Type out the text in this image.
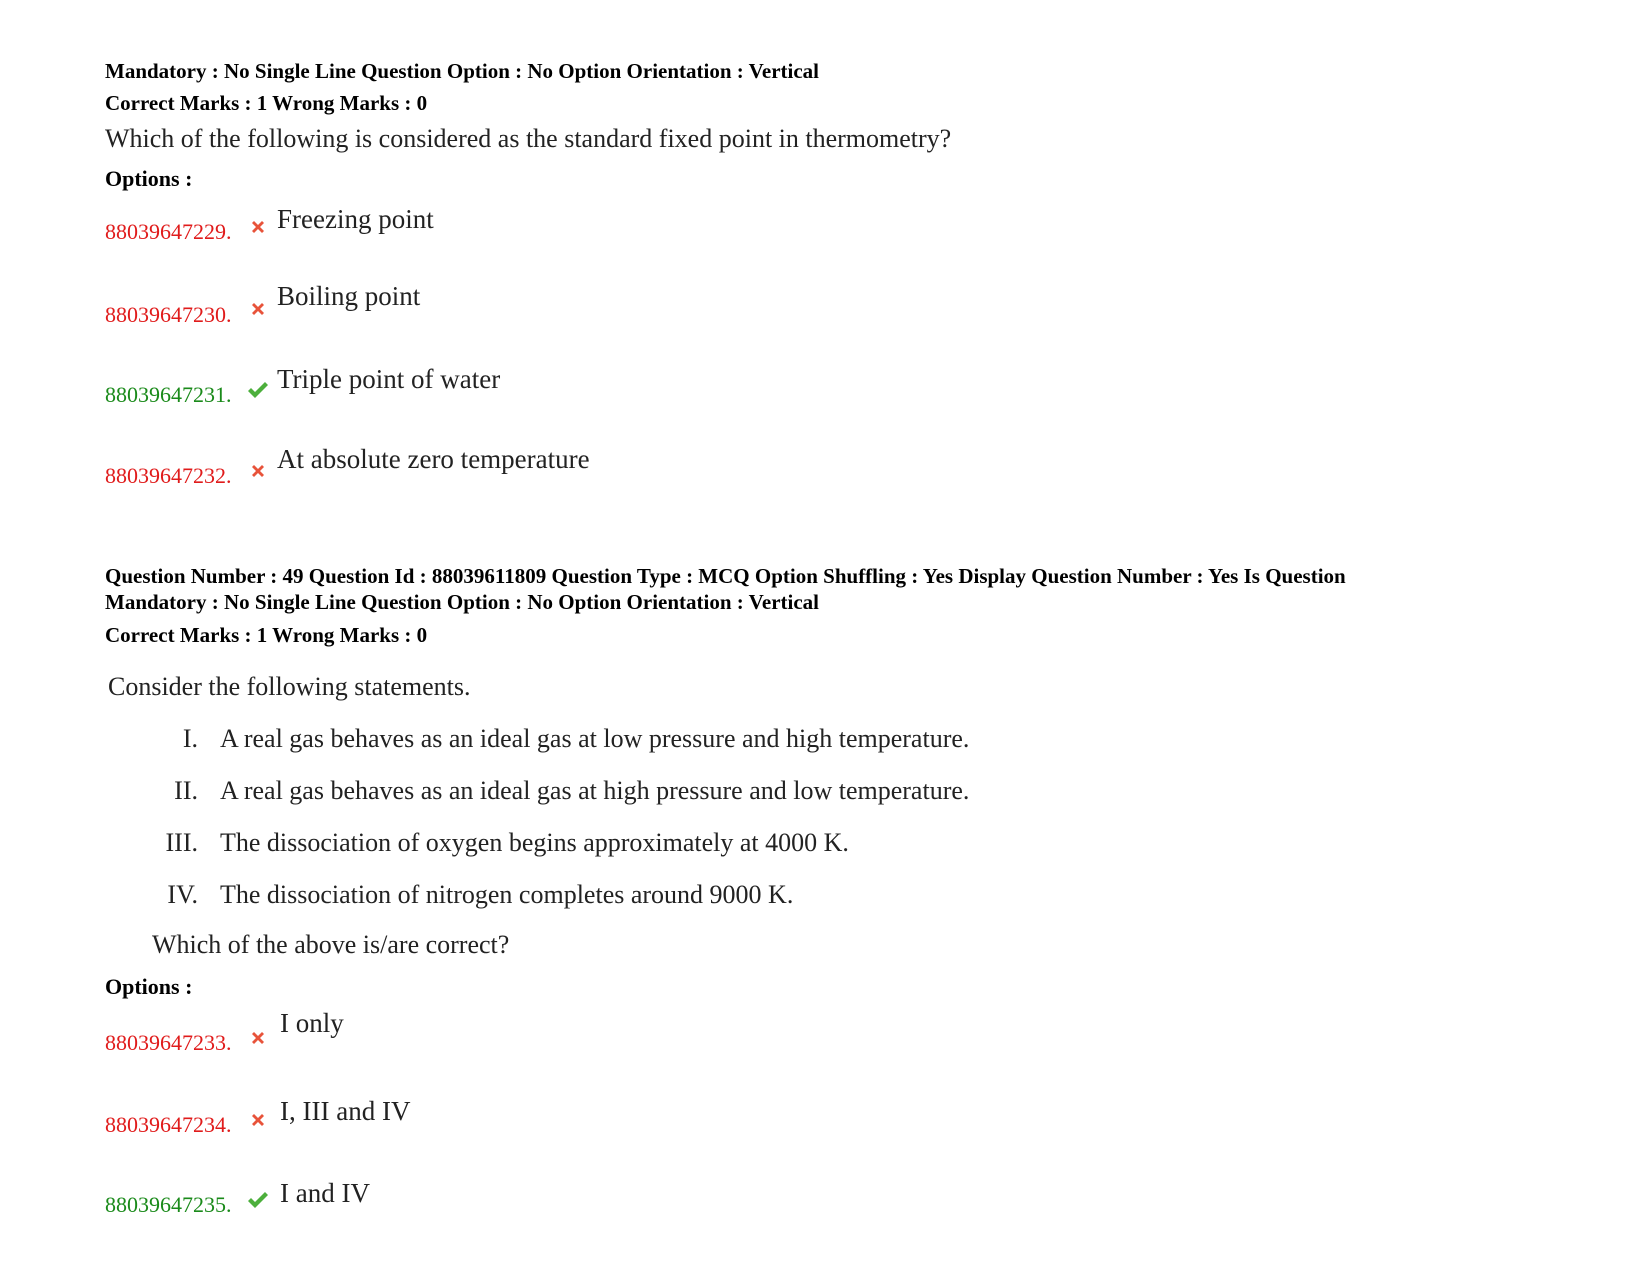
Mandatory : No Single Line Question Option : No Option Orientation : Vertical
Correct Marks : 1 Wrong Marks : 0
Which of the following is considered as the standard fixed point in thermometry?
Options :
88039647229. Freezing point
88039647230.
Boiling point
88039647231.
Triple point of water
88039647232.
At absolute zero temperature
Question Number : 49 Question Id : 88039611809 Question Type : MCQ Option Shuffling : Yes Display Question Number : Yes Is Question
Mandatory : No Single Line Question Option : No Option Orientation : Vertical
Correct Marks : 1 Wrong Marks : 0
Consider the following statements.
I. A real gas behaves as an ideal gas at low pressure and high temperature.
II. A real gas behaves as an ideal gas at high pressure and low temperature.
III. The dissociation of oxygen begins approximately at 4000 K.
IV. The dissociation of nitrogen completes around 9000 K.
Which of the above is/are correct?
Options :
88039647233.
I only
88039647234. I, III and IV
88039647235. I and IV
